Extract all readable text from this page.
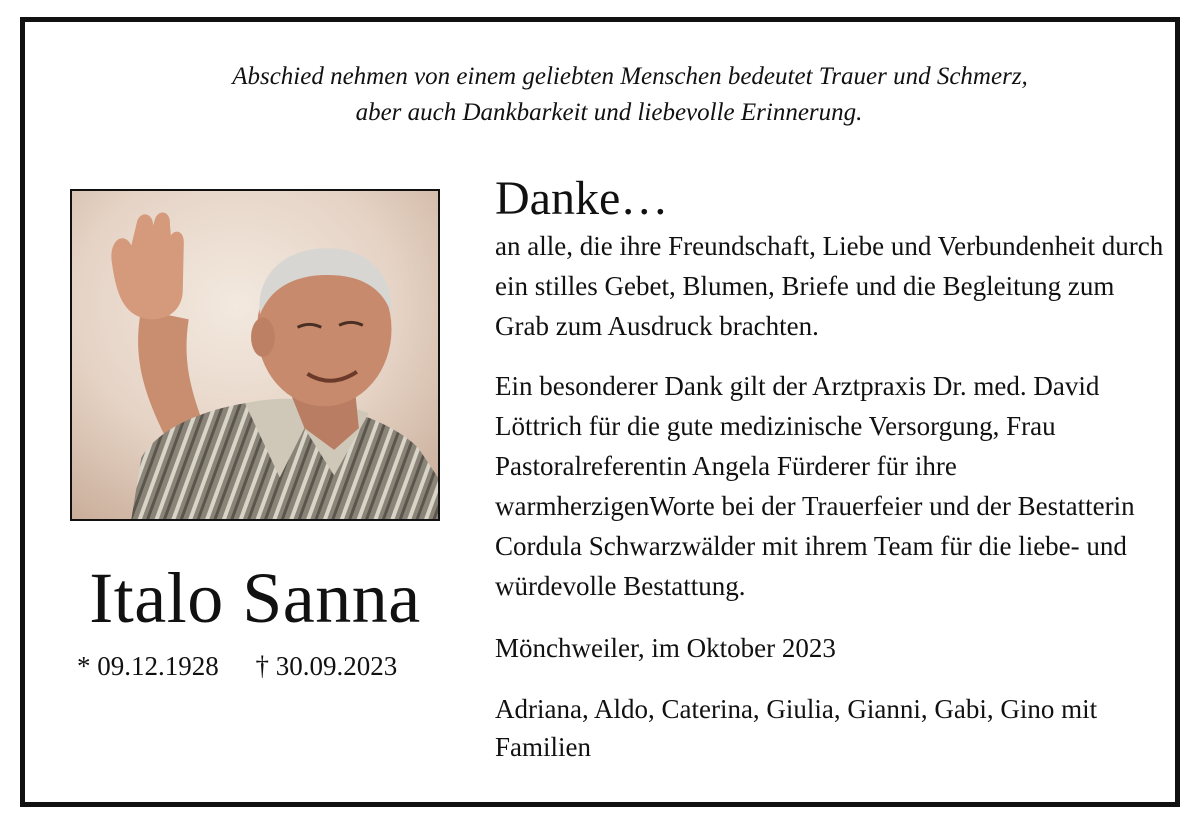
Abschied nehmen von einem geliebten Menschen bedeutet Trauer und Schmerz,
aber auch Dankbarkeit und liebevolle Erinnerung.
Italo Sanna
* 09.12.1928 † 30.09.2023

Danke…

an alle, die ihre Freundschaft, Liebe und Verbundenheit durch ein stilles Gebet, Blumen, Briefe und die Begleitung zum Grab zum Ausdruck brachten.

Ein besonderer Dank gilt der Arztpraxis Dr. med. David Löttrich für die gute medizinische Versorgung, Frau Pastoralreferentin Angela Fürderer für ihre warmherzigenWorte bei der Trauerfeier und der Bestatterin Cordula Schwarzwälder mit ihrem Team für die liebe- und würdevolle Bestattung.

Mönchweiler, im Oktober 2023

Adriana, Aldo, Caterina, Giulia, Gianni, Gabi, Gino mit Familien
